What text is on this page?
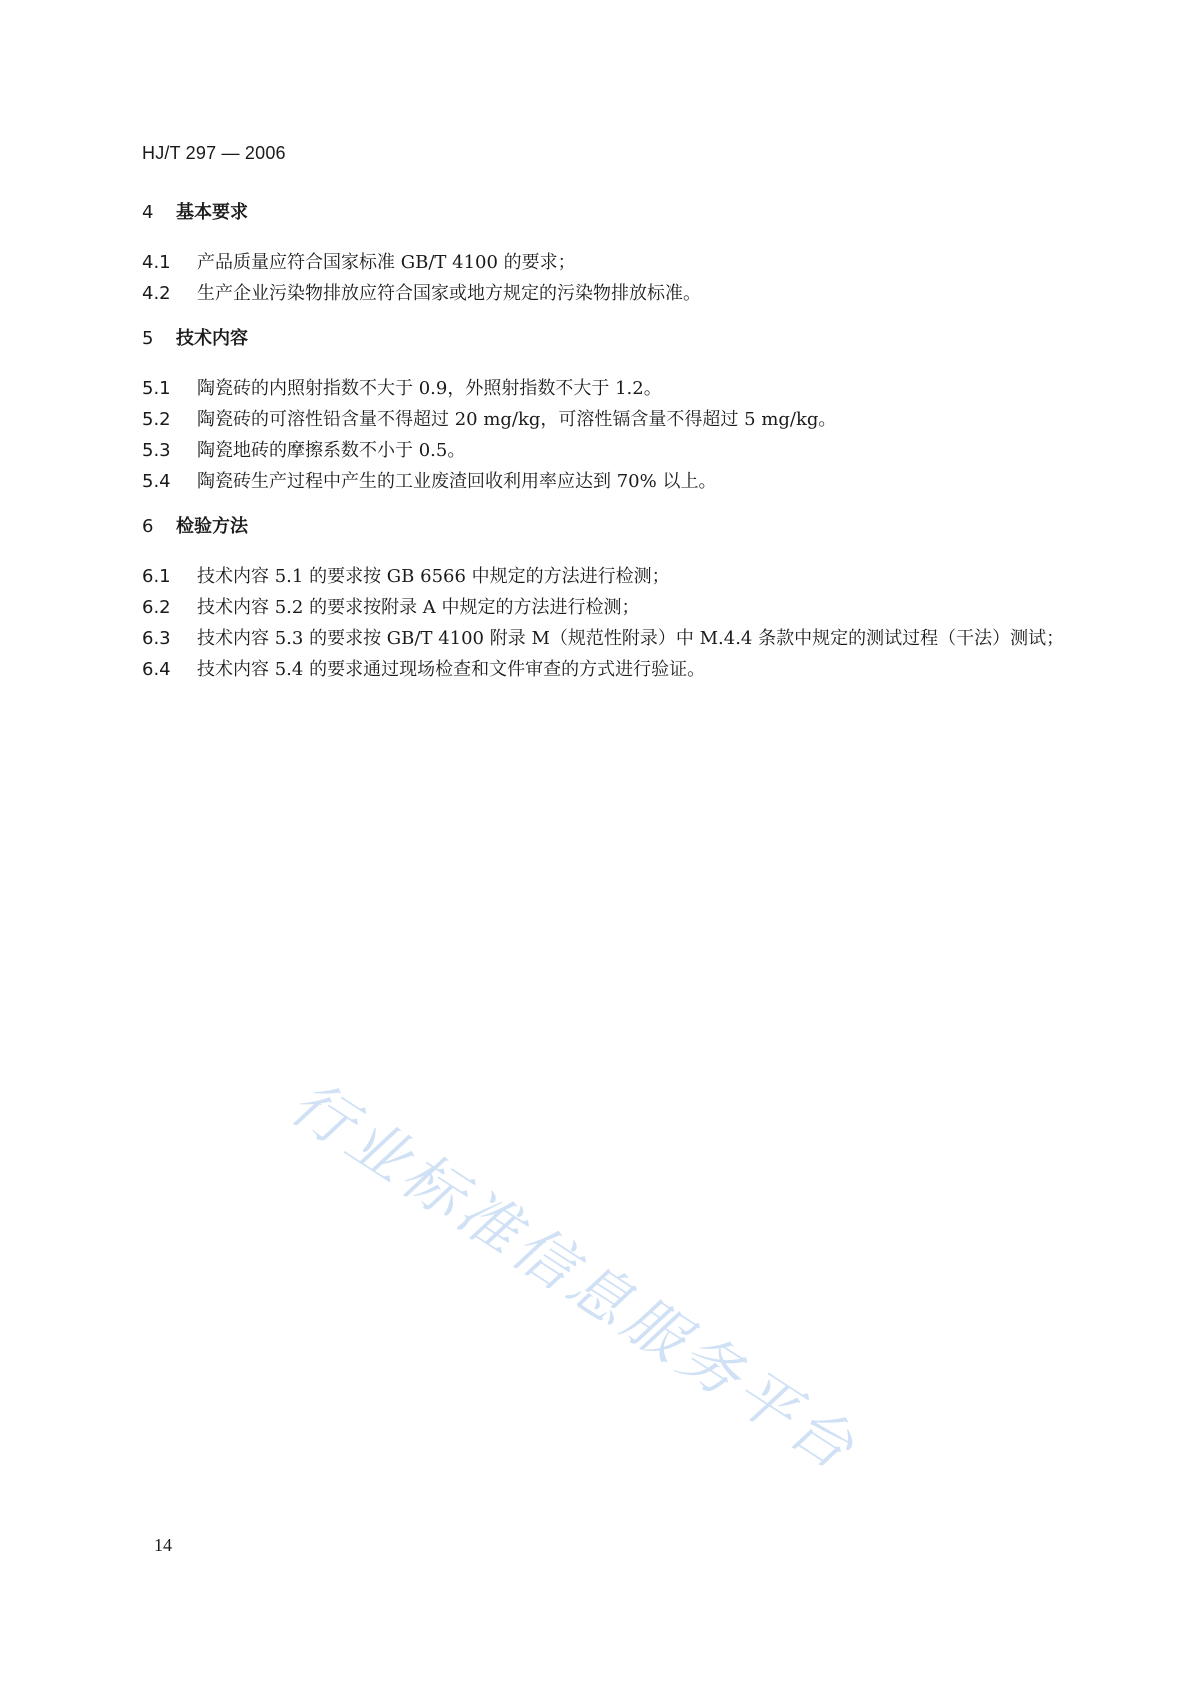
HJ/T 297 — 2006
4 基本要求
4.1 产品质量应符合国家标准 GB/T 4100 的要求；
4.2 生产企业污染物排放应符合国家或地方规定的污染物排放标准。
5 技术内容
5.1 陶瓷砖的内照射指数不大于 0.9，外照射指数不大于 1.2。
5.2 陶瓷砖的可溶性铅含量不得超过 20 mg/kg，可溶性镉含量不得超过 5 mg/kg。
5.3 陶瓷地砖的摩擦系数不小于 0.5。
5.4 陶瓷砖生产过程中产生的工业废渣回收利用率应达到 70% 以上。
6 检验方法
6.1 技术内容 5.1 的要求按 GB 6566 中规定的方法进行检测；
6.2 技术内容 5.2 的要求按附录 A 中规定的方法进行检测；
6.3 技术内容 5.3 的要求按 GB/T 4100 附录 M（规范性附录）中 M.4.4 条款中规定的测试过程（干法）测试；
6.4 技术内容 5.4 的要求通过现场检查和文件审查的方式进行验证。
行业标准信息服务平台
14
